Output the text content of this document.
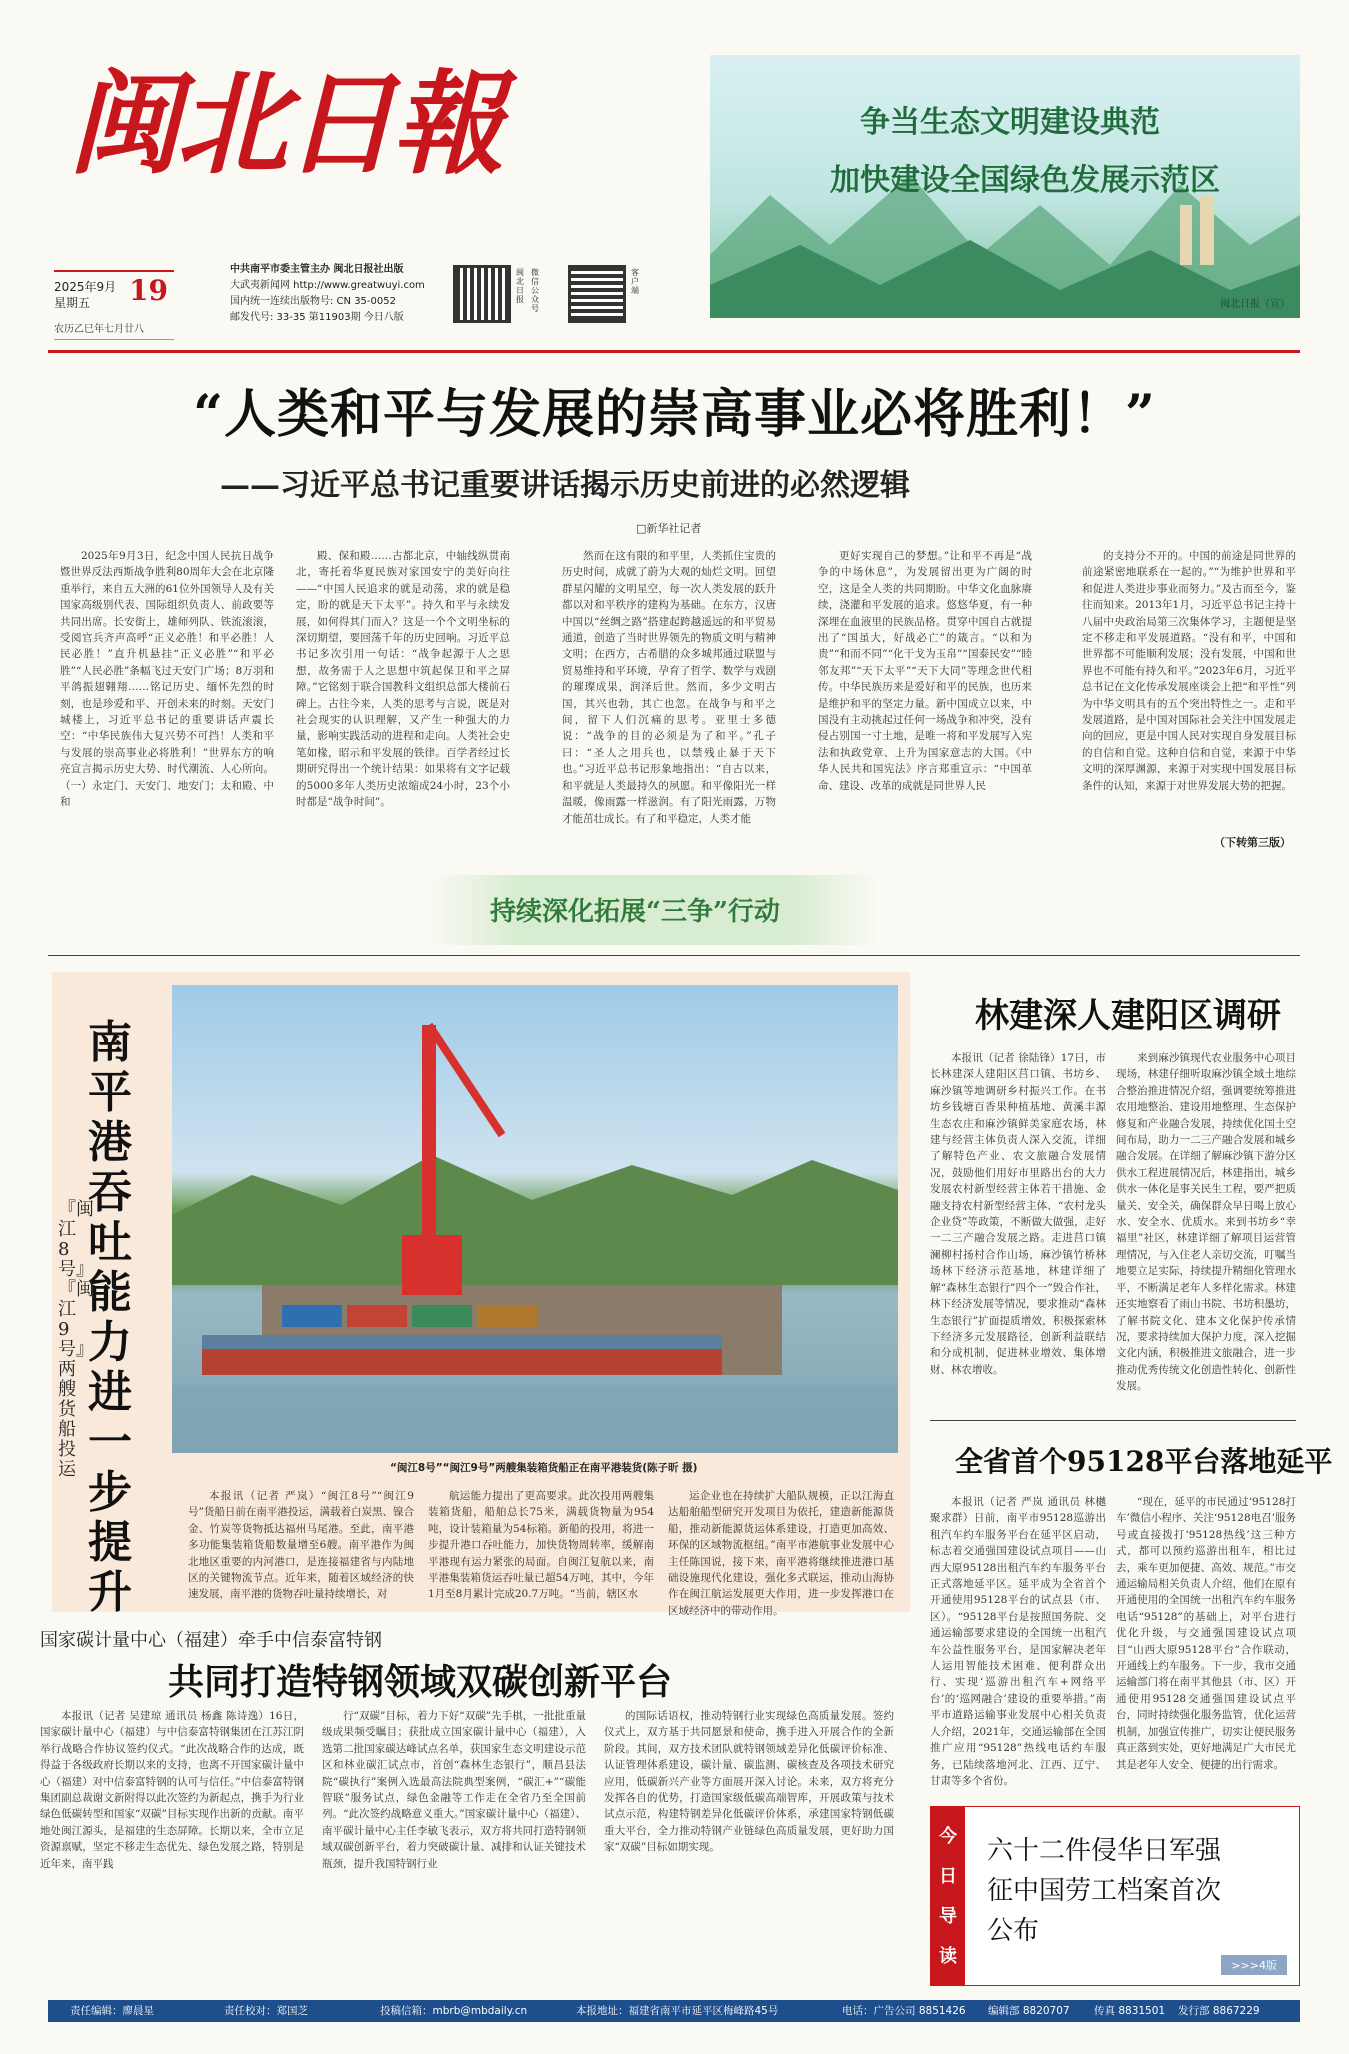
闽北日報
2025年9月
星期五 19
农历乙巳年七月廿八
中共南平市委主管主办 闽北日报社出版
大武夷新闻网 http://www.greatwuyi.com
国内统一连续出版物号: CN 35-0052
邮发代号: 33-35 第11903期 今日八版
闽北日报
客户端
微信公众号
争当生态文明建设典范
加快建设全国绿色发展示范区
闽北日报（宣）
“人类和平与发展的崇高事业必将胜利！”
——习近平总书记重要讲话揭示历史前进的必然逻辑
□新华社记者

2025年9月3日，纪念中国人民抗日战争暨世界反法西斯战争胜利80周年大会在北京隆重举行，来自五大洲的61位外国领导人及有关国家高级别代表、国际组织负责人、前政要等共同出席。长安街上，雄师列队、铁流滚滚，受阅官兵齐声高呼“正义必胜！和平必胜！人民必胜！”直升机悬挂“正义必胜”“和平必胜”“人民必胜”条幅飞过天安门广场；8万羽和平鸽振翅翱翔……铭记历史、缅怀先烈的时刻，也是珍爱和平、开创未来的时刻。天安门城楼上，习近平总书记的重要讲话声震长空：“中华民族伟大复兴势不可挡！人类和平与发展的崇高事业必将胜利！”世界东方的响亮宣言揭示历史大势、时代潮流、人心所向。（一）永定门、天安门、地安门；太和殿、中和

殿、保和殿……古都北京，中轴线纵贯南北，寄托着华夏民族对家国安宁的美好向往——“中国人民追求的就是动荡，求的就是稳定，盼的就是天下太平”。持久和平与永续发展，如何得其门而入？这是一个个文明坐标的深切期望，要回荡千年的历史回响。习近平总书记多次引用一句话：“战争起源于人之思想，故务需于人之思想中筑起保卫和平之屏障。”它铭刻于联合国教科文组织总部大楼前石碑上。古往今来，人类的思考与言说，既是对社会现实的认识理解，又产生一种强大的力量，影响实践活动的进程和走向。人类社会史笔如椽，昭示和平发展的铁律。百学者经过长期研究得出一个统计结果：如果将有文字记载的5000多年人类历史浓缩成24小时，23个小时都是“战争时间”。

然而在这有限的和平里，人类抓住宝贵的历史时间，成就了蔚为大观的灿烂文明。回望群星闪耀的文明星空，每一次人类发展的跃升都以对和平秩序的建构为基础。在东方，汉唐中国以“丝绸之路”搭建起跨越遥远的和平贸易通道，创造了当时世界领先的物质文明与精神文明；在西方，古希腊的众多城邦通过联盟与贸易维持和平环境，孕育了哲学、数学与戏剧的璀璨成果，润泽后世。然而，多少文明古国，其兴也勃，其亡也忽。在战争与和平之间，留下人们沉痛的思考。亚里士多德说：“战争的目的必须是为了和平。”孔子曰：“圣人之用兵也，以禁残止暴于天下也。”习近平总书记形象地指出：“自古以来，和平就是人类最持久的夙愿。和平像阳光一样温暖，像雨露一样滋润。有了阳光雨露，万物才能茁壮成长。有了和平稳定，人类才能

更好实现自己的梦想。”让和平不再是“战争的中场休息”，为发展留出更为广阔的时空，这是全人类的共同期盼。中华文化血脉赓续，浇灌和平发展的追求。悠悠华夏，有一种深埋在血液里的民族品格。贯穿中国自古就提出了“国虽大，好战必亡”的箴言。“以和为贵”“和而不同”“化干戈为玉帛”“国泰民安”“睦邻友邦”“天下太平”“天下大同”等理念世代相传。中华民族历来是爱好和平的民族，也历来是维护和平的坚定力量。新中国成立以来，中国没有主动挑起过任何一场战争和冲突，没有侵占别国一寸土地，是唯一将和平发展写入宪法和执政党章、上升为国家意志的大国。《中华人民共和国宪法》序言郑重宣示：“中国革命、建设、改革的成就是同世界人民

的支持分不开的。中国的前途是同世界的前途紧密地联系在一起的。”“为维护世界和平和促进人类进步事业而努力。”及古而至今，鉴往而知来。2013年1月，习近平总书记主持十八届中央政治局第三次集体学习，主题便是坚定不移走和平发展道路。“没有和平，中国和世界都不可能顺利发展；没有发展，中国和世界也不可能有持久和平。”2023年6月，习近平总书记在文化传承发展座谈会上把“和平性”列为中华文明具有的五个突出特性之一。走和平发展道路，是中国对国际社会关注中国发展走向的回应，更是中国人民对实现自身发展目标的自信和自觉。这种自信和自觉，来源于中华文明的深厚渊源，来源于对实现中国发展目标条件的认知，来源于对世界发展大势的把握。

（下转第三版）
持续深化拓展“三争”行动
南平港吞吐能力进一步提升
『闽江8号』『闽江9号』两艘货船投运	“闽江8号”“闽江9号”两艘集装箱货船正在南平港装货(陈子昕 摄)

本报讯（记者 严岚）“闽江8号”“闽江9号”货船日前在南平港投运，满载着白炭黑、镍合金、竹炭等货物抵达福州马尾港。至此，南平港多功能集装箱货船数量增至6艘。南平港作为闽北地区重要的内河港口，是连接福建省与内陆地区的关键物流节点。近年来，随着区域经济的快速发展，南平港的货物吞吐量持续增长，对

航运能力提出了更高要求。此次投用两艘集装箱货船，船舶总长75米，满载货物量为954吨，设计装箱量为54标箱。新船的投用，将进一步提升港口吞吐能力，加快货物周转率，缓解南平港现有运力紧张的局面。自闽江复航以来，南平港集装箱货运吞吐量已超54万吨，其中，今年1月至8月累计完成20.7万吨。“当前，辖区水

运企业也在持续扩大船队规模，正以江海直达船舶船型研究开发项目为依托，建造新能源货船，推动新能源货运体系建设，打造更加高效、环保的区域物流枢纽。”南平市港航事业发展中心主任陈国说，接下来，南平港将继续推进港口基础设施现代化建设，强化多式联运，推动山海协作在闽江航运发展更大作用，进一步发挥港口在区域经济中的带动作用。

国家碳计量中心（福建）牵手中信泰富特钢
共同打造特钢领域双碳创新平台

本报讯（记者 吴建琼 通讯员 杨鑫 陈诗逸）16日，国家碳计量中心（福建）与中信泰富特钢集团在江苏江阴举行战略合作协议签约仪式。“此次战略合作的达成，既得益于各级政府长期以来的支持，也离不开国家碳计量中心（福建）对中信泰富特钢的认可与信任。”中信泰富特钢集团副总裁谢文新附得以此次签约为新起点，携手为行业绿色低碳转型和国家“双碳”目标实现作出新的贡献。南平地处闽江源头，是福建的生态屏障。长期以来，全市立足资源禀赋，坚定不移走生态优先、绿色发展之路，特别是近年来，南平践

行“双碳”目标，着力下好“双碳”先手棋，一批批重量级成果频受瞩目；获批成立国家碳计量中心（福建），入选第二批国家碳达峰试点名单，获国家生态文明建设示范区和林业碳汇试点市，首创“森林生态银行”，顺昌县法院“碳执行”案例入选最高法院典型案例，“碳汇+”“碳能智联”服务试点，绿色金融等工作走在全省乃至全国前列。“此次签约战略意义重大。”国家碳计量中心（福建）、南平碳计量中心主任李敏飞表示，双方将共同打造特钢领域双碳创新平台，着力突破碳计量、减排和认证关键技术瓶颈，提升我国特钢行业

的国际话语权，推动特钢行业实现绿色高质量发展。签约仪式上，双方基于共同愿景和使命，携手进入开展合作的全新阶段。其间，双方技术团队就特钢领域差异化低碳评价标准、认证管理体系建设，碳计量、碳监测、碳核查及各项技术研究应用，低碳新兴产业等方面展开深入讨论。未来，双方将充分发挥各自的优势，打造国家级低碳高端智库，开展政策与技术试点示范，构建特钢差异化低碳评价体系，承建国家特钢低碳重大平台，全力推动特钢产业链绿色高质量发展，更好助力国家“双碳”目标如期实现。

林建深人建阳区调研

本报讯（记者 徐陆锋）17日，市长林建深人建阳区莒口镇、书坊乡、麻沙镇等地调研乡村振兴工作。在书坊乡钱塘百香果种植基地、黄溪丰源生态农庄和麻沙镇鲜美家庭农场，林建与经营主体负责人深入交流，详细了解特色产业、农文旅融合发展情况，鼓励他们用好市里路出台的大力发展农村新型经营主体若干措施、金融支持农村新型经营主体、“农村龙头企业贷”等政策，不断做大做强，走好一二三产融合发展之路。走进莒口镇澜柳村扬村合作山场，麻沙镇竹桥林场林下经济示范基地，林建详细了解“森林生态银行”四个一”毁合作社，林下经济发展等情况，要求推动“森林生态银行”扩面提质增效，积极探索林下经济多元发展路径，创新利益联结和分成机制，促进林业增效、集体增财、林农增收。

来到麻沙镇现代农业服务中心项目现场，林建仔细听取麻沙镇全域土地综合整治推进情况介绍，强调要统筹推进农用地整治、建设用地整理、生态保护修复和产业融合发展，持续优化国土空间布局，助力一二三产融合发展和城乡融合发展。在详细了解麻沙镇下游分区供水工程进展情况后，林建指出，城乡供水一体化是事关民生工程，要严把质量关、安全关，确保群众早日喝上放心水、安全水、优质水。来到书坊乡“幸福里”社区，林建详细了解项目运营管理情况，与入住老人亲切交流，叮嘱当地要立足实际，持续提升精细化管理水平，不断满足老年人多样化需求。林建还实地察看了雨山书院、书坊积墨坊，了解书院文化、建本文化保护传承情况，要求持续加大保护力度，深入挖掘文化内涵，积极推进文旅融合，进一步推动优秀传统文化创造性转化、创新性发展。

全省首个95128平台落地延平

本报讯（记者 严岚 通讯员 林樾 聚求群）日前，南平市95128巡游出租汽车约车服务平台在延平区启动，标志着交通强国建设试点项目——山西大原95128出租汽车约车服务平台正式落地延平区。延平成为全省首个开通使用95128平台的试点县（市、区）。“95128平台是按照国务院、交通运输部要求建设的全国统一出租汽车公益性服务平台，是国家解决老年人运用智能技术困难、便利群众出行、实现‘巡游出租汽车+网络平台’的‘巡网融合’建设的重要举措。”南平市道路运输事业发展中心相关负责人介绍，2021年，交通运输部在全国推广应用“95128”热线电话约车服务，已陆续落地河北、江西、辽宁、甘肃等多个省份。

“现在，延平的市民通过‘95128打车’微信小程序、关注‘95128电召’服务号或直接拨打‘95128热线’这三种方式，都可以预约巡游出租车，相比过去，乘车更加便捷、高效、规范。”市交通运输局相关负责人介绍，他们在原有开通使用的全国统一出租汽车约车服务电话“95128”的基础上，对平台进行优化升级，与交通强国建设试点项目“山西大原95128平台”合作联动，开通线上约车服务。下一步，我市交通运输部门将在南平其他县（市、区）开通使用95128交通强国建设试点平台，同时持续强化服务监管，优化运营机制，加强宣传推广，切实让便民服务真正落到实处，更好地满足广大市民尤其是老年人安全、便捷的出行需求。

今日导读
六十二件侵华日军强征中国劳工档案首次公布
>>>4版
责任编辑：廖晨星	责任校对：郑国芝	投稿信箱：mbrb@mbdaily.cn	本报地址：福建省南平市延平区梅峰路45号	电话：广告公司 8851426 编辑部 8820707 传真 8831501 发行部 8867229
